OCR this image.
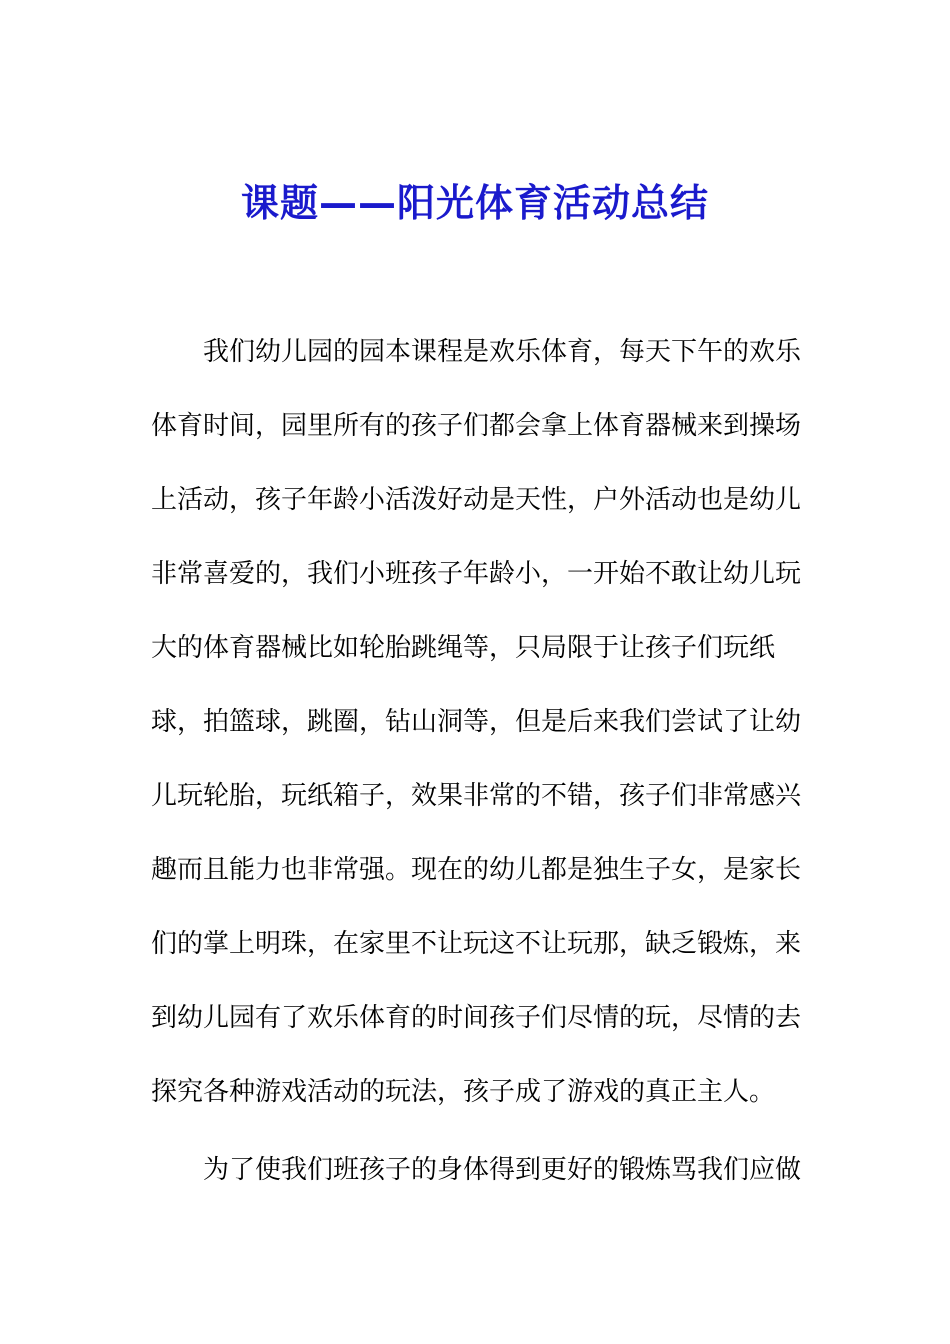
课题——阳光体育活动总结

我们幼儿园的园本课程是欢乐体育，每天下午的欢乐

体育时间，园里所有的孩子们都会拿上体育器械来到操场

上活动，孩子年龄小活泼好动是天性，户外活动也是幼儿

非常喜爱的，我们小班孩子年龄小，一开始不敢让幼儿玩

大的体育器械比如轮胎跳绳等，只局限于让孩子们玩纸

球，拍篮球，跳圈，钻山洞等，但是后来我们尝试了让幼

儿玩轮胎，玩纸箱子，效果非常的不错，孩子们非常感兴

趣而且能力也非常强。现在的幼儿都是独生子女，是家长

们的掌上明珠，在家里不让玩这不让玩那，缺乏锻炼，来

到幼儿园有了欢乐体育的时间孩子们尽情的玩，尽情的去

探究各种游戏活动的玩法，孩子成了游戏的真正主人。

为了使我们班孩子的身体得到更好的锻炼骂我们应做
